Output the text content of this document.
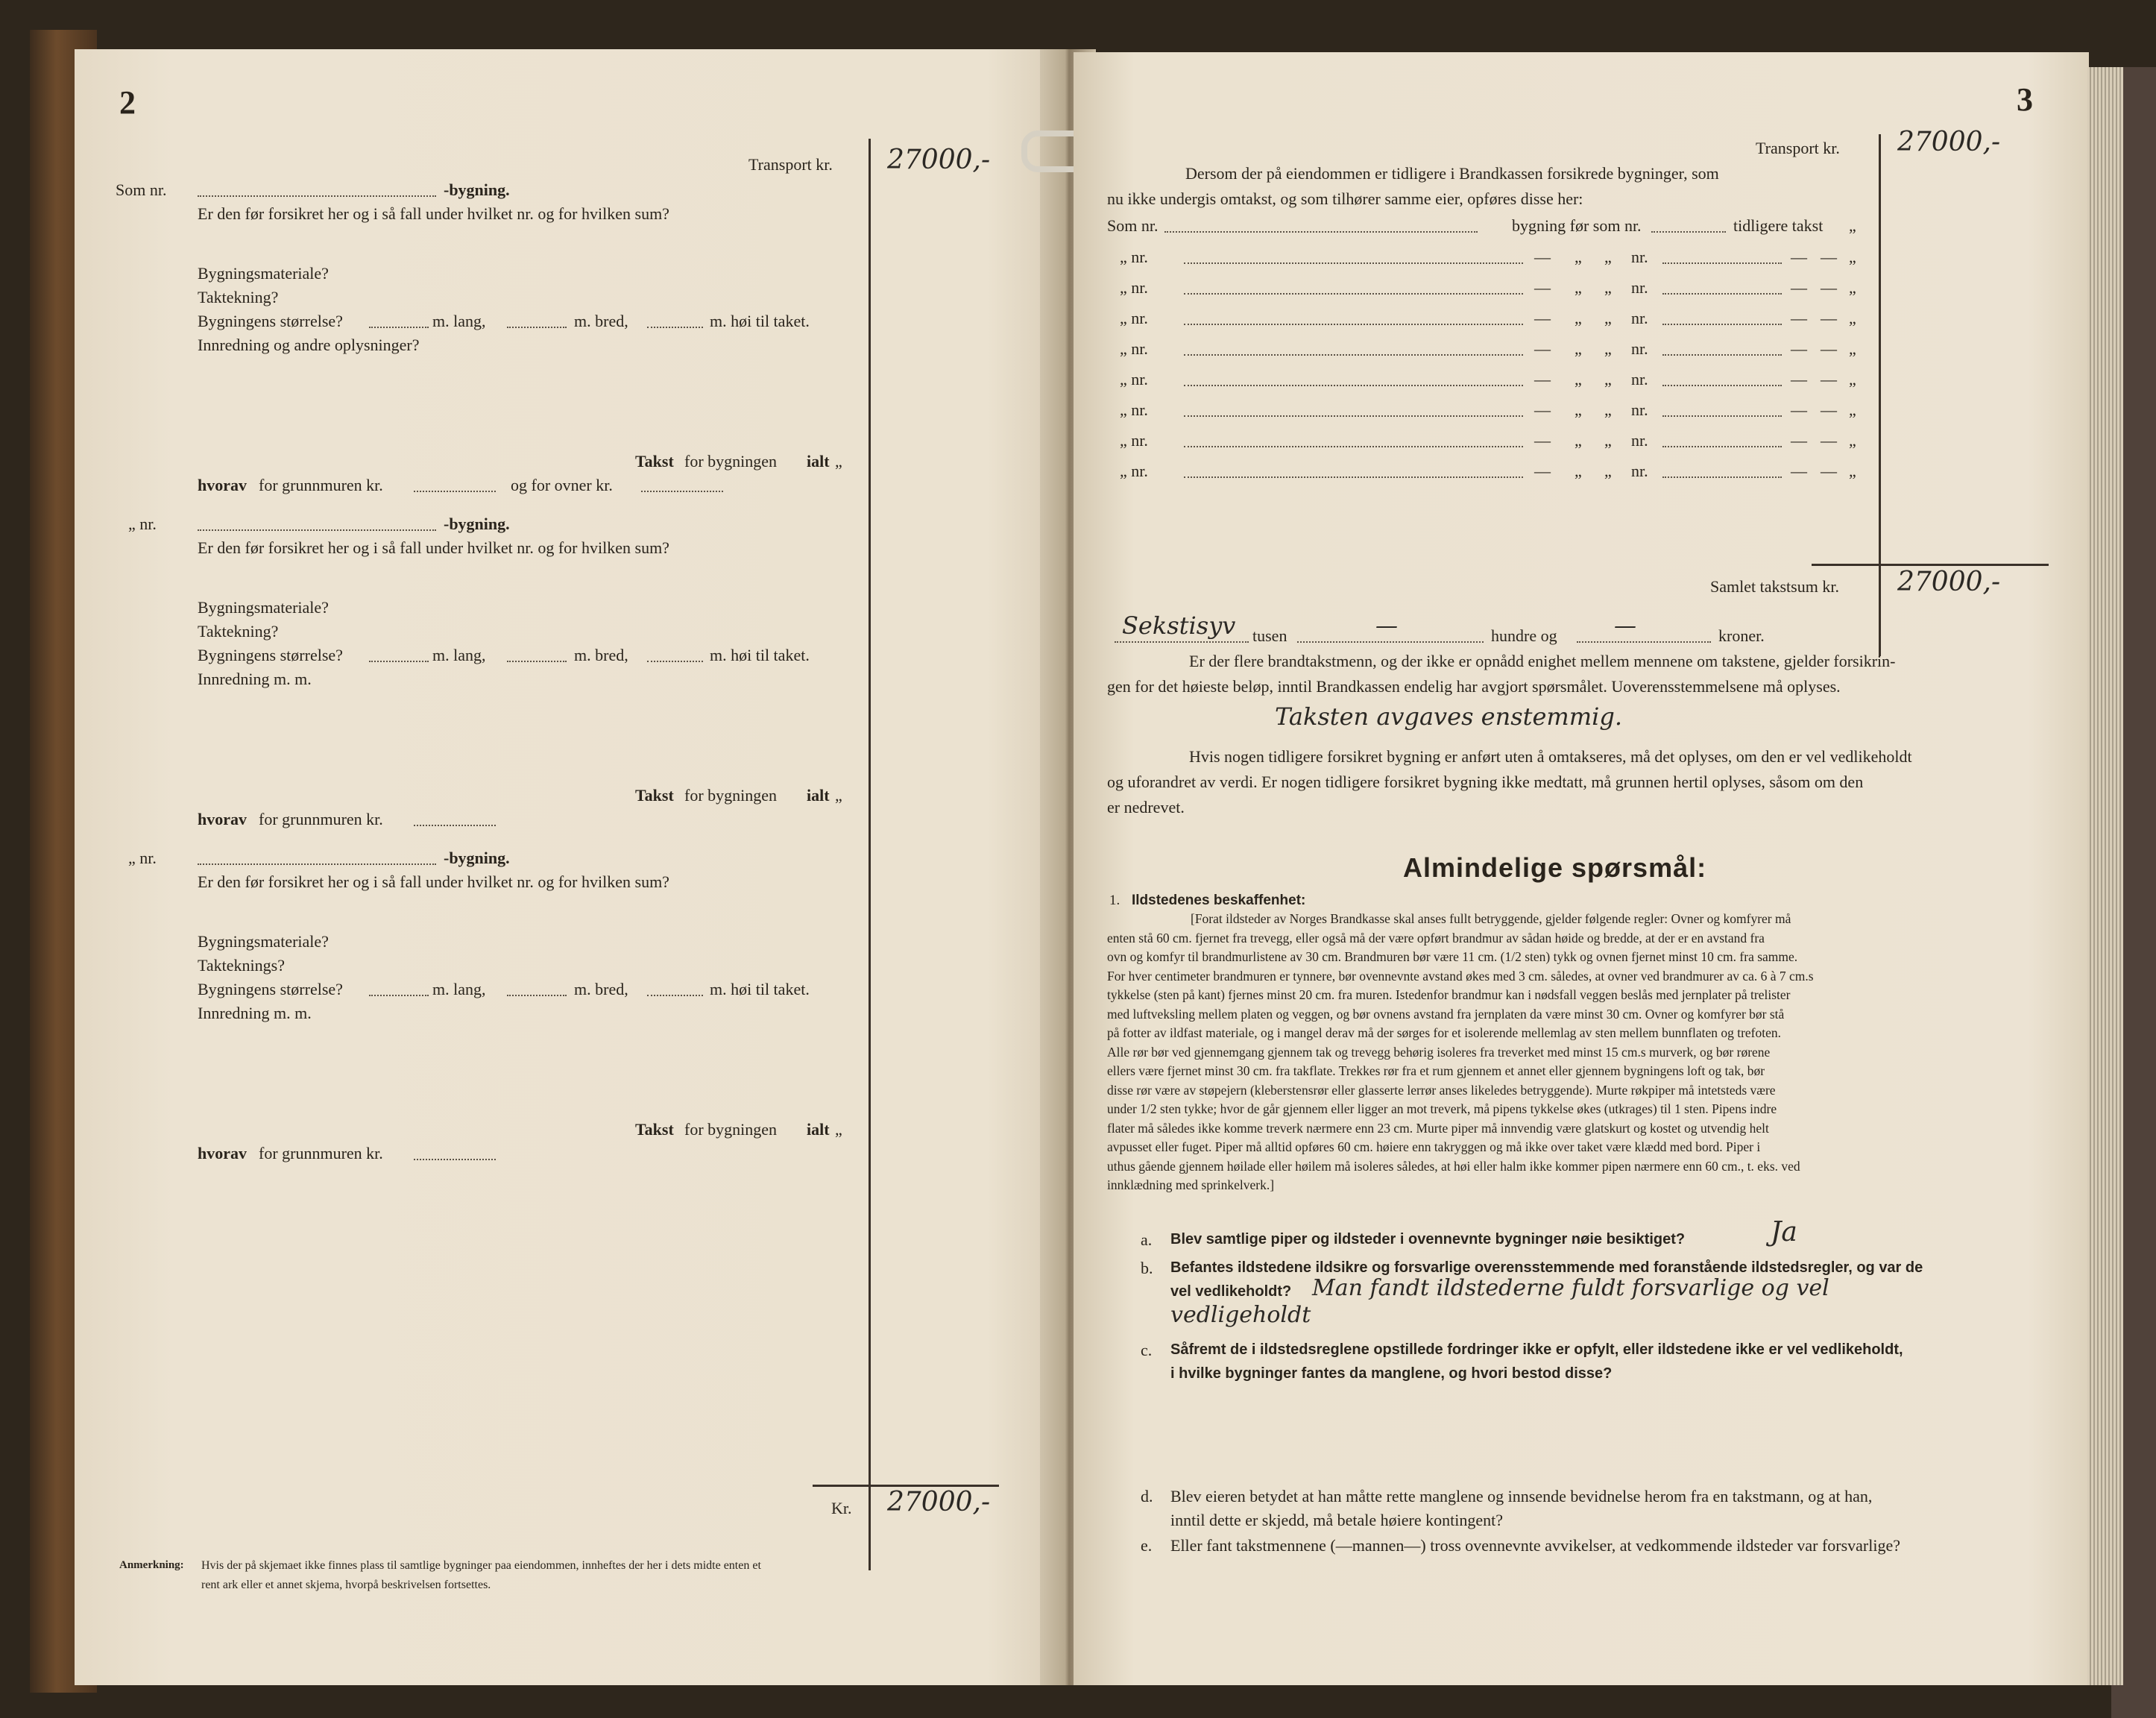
2
Transport kr. 27000,-
Som nr.	-bygning.
Er den før forsikret her og i så fall under hvilket nr. og for hvilken sum?
Bygningsmateriale?
Taktekning?
Bygningens størrelse?	m. lang,	m. bred,	m. høi til taket.
Innredning og andre oplysninger?
Takst for bygningen ialt „
hvorav for grunnmuren kr.	og for ovner kr.
„ nr.	-bygning.
Er den før forsikret her og i så fall under hvilket nr. og for hvilken sum?
Bygningsmateriale?
Taktekning?
Bygningens størrelse?	m. lang,	m. bred,	m. høi til taket.
Innredning m. m.
Takst for bygningen ialt „
hvorav for grunnmuren kr.
„ nr.	-bygning.
Er den før forsikret her og i så fall under hvilket nr. og for hvilken sum?
Bygningsmateriale?
Takteknings?
Bygningens størrelse?	m. lang,	m. bred,	m. høi til taket.
Innredning m. m.
Takst for bygningen ialt „
hvorav for grunnmuren kr.
Kr. 27000,-
Anmerkning: Hvis der på skjemaet ikke finnes plass til samtlige bygninger paa eiendommen, innheftes der her i dets midte enten et
rent ark eller et annet skjema, hvorpå beskrivelsen fortsettes.
3
Transport kr. 27000,-
Dersom der på eiendommen er tidligere i Brandkassen forsikrede bygninger, som
nu ikke undergis omtakst, og som tilhører samme eier, opføres disse her:
Som nr.	bygning før som nr.	tidligere takst „
„ nr.	— „ „ nr.	— — „
„ nr.	— „ „ nr.	— — „
„ nr.	— „ „ nr.	— — „
„ nr.	— „ „ nr.	— — „
„ nr.	— „ „ nr.	— — „
„ nr.	— „ „ nr.	— — „
„ nr.	— „ „ nr.	— — „
„ nr.	— „ „ nr.	— — „
Samlet takstsum kr. 27000,-
Sekstisyv tusen	—	hundre og	—	kroner.
Er der flere brandtakstmenn, og der ikke er opnådd enighet mellem mennene om takstene, gjelder forsikrin-
gen for det høieste beløp, inntil Brandkassen endelig har avgjort spørsmålet. Uoverensstemmelsene må oplyses.
Taksten avgaves enstemmig.
Hvis nogen tidligere forsikret bygning er anført uten å omtakseres, må det oplyses, om den er vel vedlikeholdt
og uforandret av verdi. Er nogen tidligere forsikret bygning ikke medtatt, må grunnen hertil oplyses, såsom om den
er nedrevet.
Almindelige spørsmål:
1. Ildstedenes beskaffenhet:

[Forat ildsteder av Norges Brandkasse skal anses fullt betryggende, gjelder følgende regler: Ovner og komfyrer må

enten stå 60 cm. fjernet fra trevegg, eller også må der være opført brandmur av sådan høide og bredde, at der er en avstand fra

ovn og komfyr til brandmurlistene av 30 cm. Brandmuren bør være 11 cm. (1/2 sten) tykk og ovnen fjernet minst 10 cm. fra samme.

For hver centimeter brandmuren er tynnere, bør ovennevnte avstand økes med 3 cm. således, at ovner ved brandmurer av ca. 6 à 7 cm.s

tykkelse (sten på kant) fjernes minst 20 cm. fra muren. Istedenfor brandmur kan i nødsfall veggen beslås med jernplater på trelister

med luftveksling mellem platen og veggen, og bør ovnens avstand fra jernplaten da være minst 30 cm. Ovner og komfyrer bør stå

på fotter av ildfast materiale, og i mangel derav må der sørges for et isolerende mellemlag av sten mellem bunnflaten og trefoten.

Alle rør bør ved gjennemgang gjennem tak og trevegg behørig isoleres fra treverket med minst 15 cm.s murverk, og bør rørene

ellers være fjernet minst 30 cm. fra takflate. Trekkes rør fra et rum gjennem et annet eller gjennem bygningens loft og tak, bør

disse rør være av støpejern (kleberstensrør eller glasserte lerrør anses likeledes betryggende). Murte røkpiper må intetsteds være

under 1/2 sten tykke; hvor de går gjennem eller ligger an mot treverk, må pipens tykkelse økes (utkrages) til 1 sten. Pipens indre

flater må således ikke komme treverk nærmere enn 23 cm. Murte piper må innvendig være glatskurt og kostet og utvendig helt

avpusset eller fuget. Piper må alltid opføres 60 cm. høiere enn takryggen og må ikke over taket være klædd med bord. Piper i

uthus gående gjennem høilade eller høilem må isoleres således, at høi eller halm ikke kommer pipen nærmere enn 60 cm., t. eks. ved

innklædning med sprinkelverk.]

a. Blev samtlige piper og ildsteder i ovennevnte bygninger nøie besiktiget?	Ja
b. Befantes ildstedene ildsikre og forsvarlige overensstemmende med foranstående ildstedsregler, og var de
vel vedlikeholdt? Man fandt ildstederne fuldt forsvarlige og vel
vedligeholdt
c. Såfremt de i ildstedsreglene opstillede fordringer ikke er opfylt, eller ildstedene ikke er vel vedlikeholdt,
i hvilke bygninger fantes da manglene, og hvori bestod disse?
d. Blev eieren betydet at han måtte rette manglene og innsende bevidnelse herom fra en takstmann, og at han,
inntil dette er skjedd, må betale høiere kontingent?
e. Eller fant takstmennene (—mannen—) tross ovennevnte avvikelser, at vedkommende ildsteder var forsvarlige?
